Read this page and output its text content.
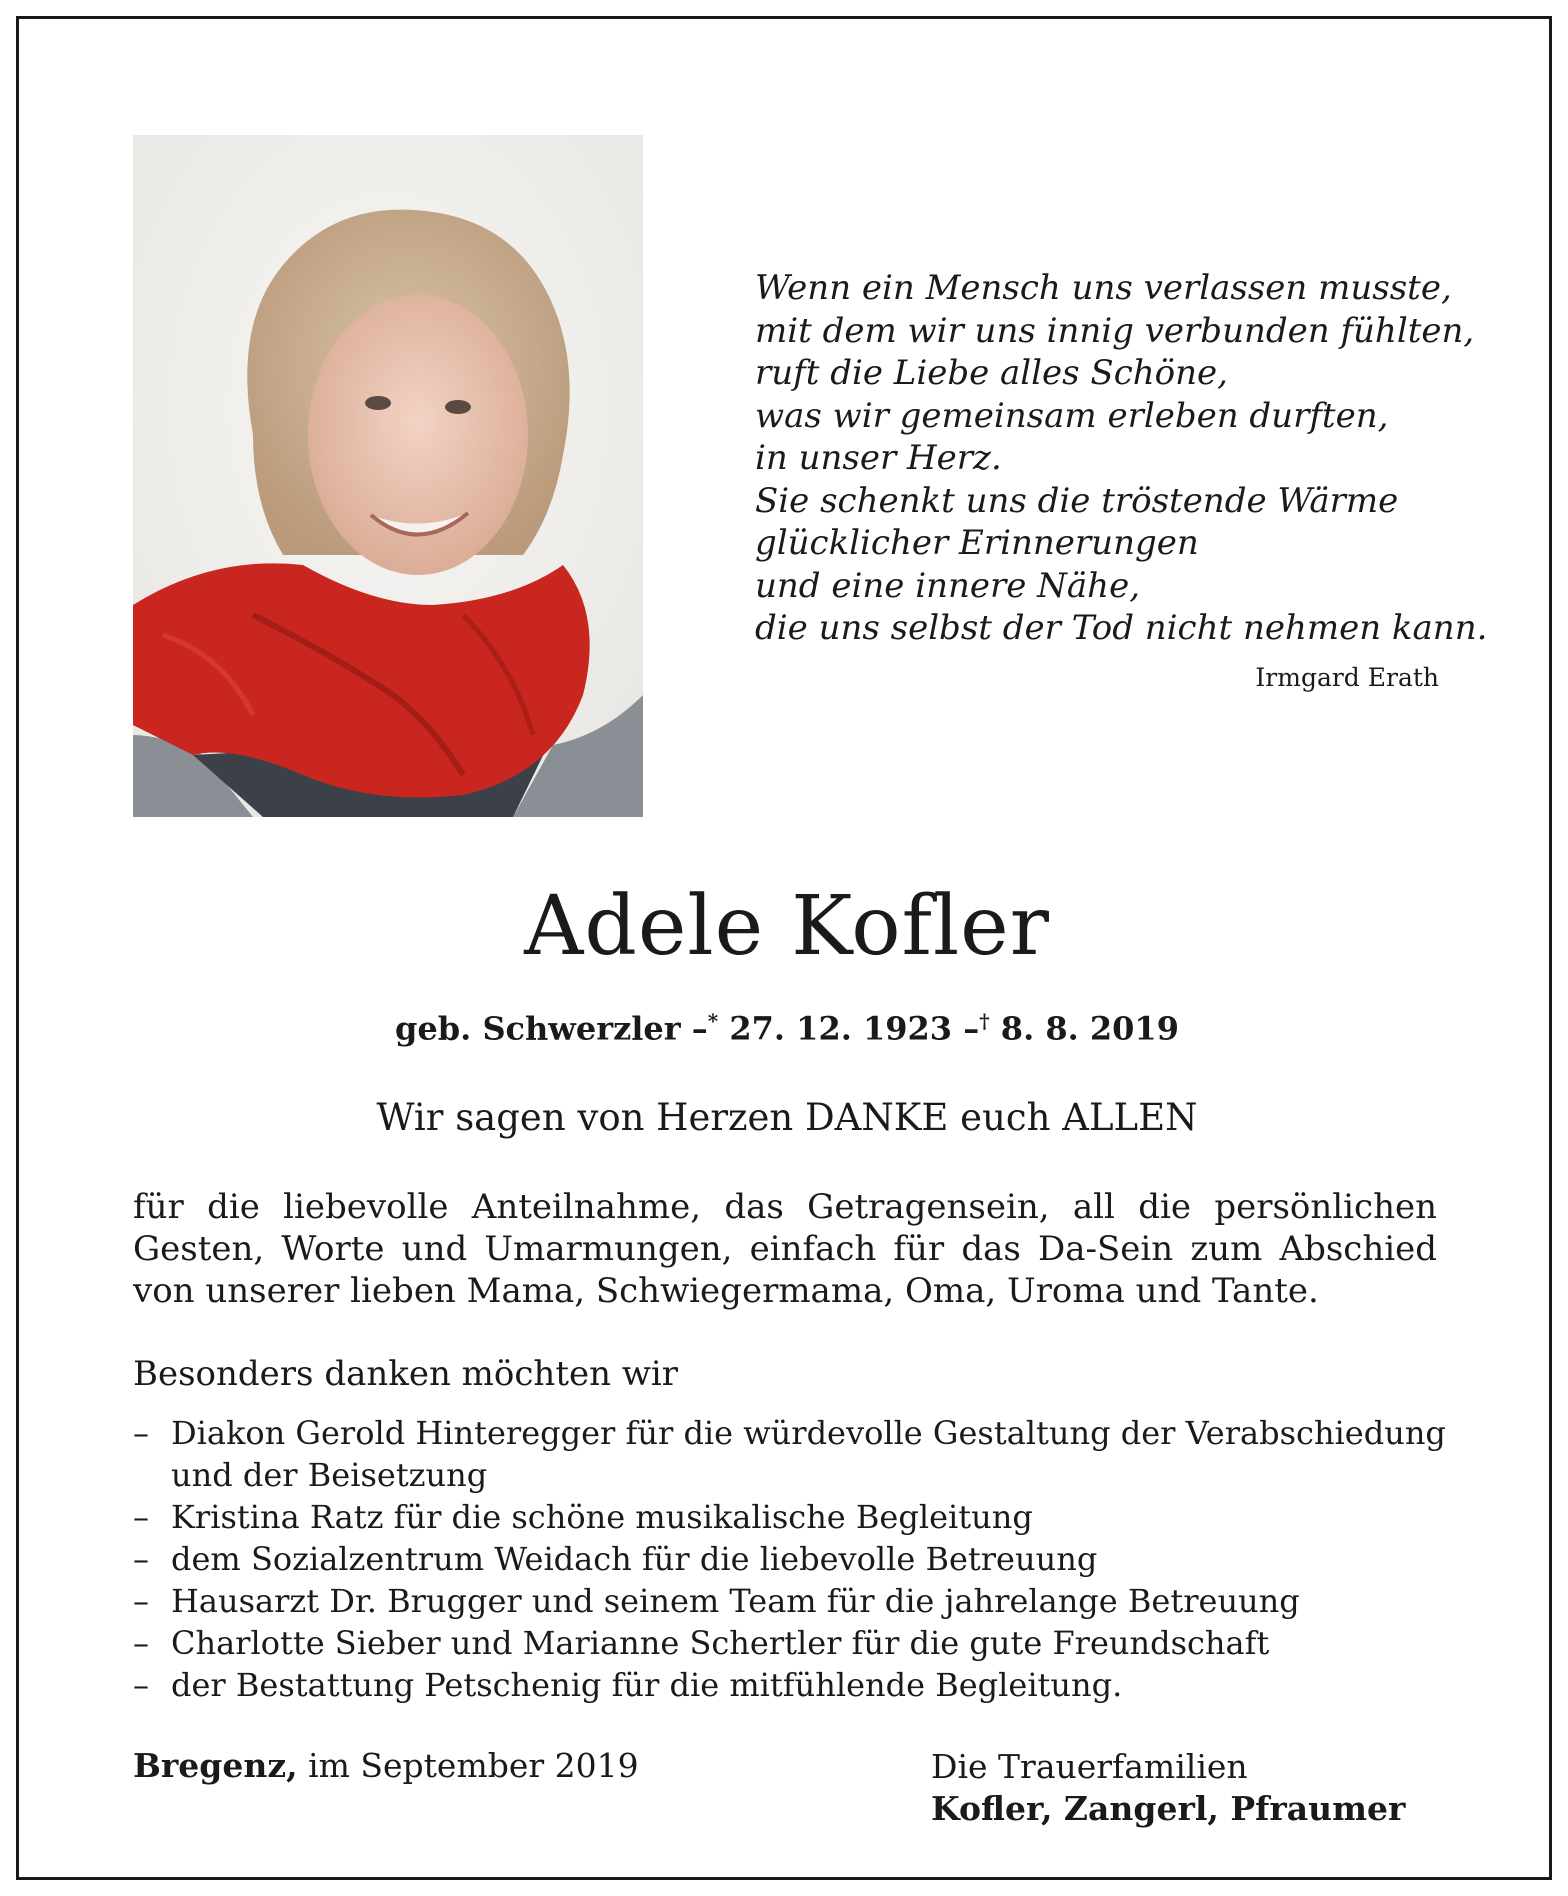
Wenn ein Mensch uns verlassen musste,
mit dem wir uns innig verbunden fühlten,
ruft die Liebe alles Schöne,
was wir gemeinsam erleben durften,
in unser Herz.
Sie schenkt uns die tröstende Wärme
glücklicher Erinnerungen
und eine innere Nähe,
die uns selbst der Tod nicht nehmen kann.
Irmgard Erath
Adele Kofler
geb. Schwerzler –* 27. 12. 1923 –† 8. 8. 2019
Wir sagen von Herzen DANKE euch ALLEN
für die liebevolle Anteilnahme, das Getragensein, all die persönlichen Gesten, Worte und Umarmungen, einfach für das Da-Sein zum Abschied von unserer lieben Mama, Schwiegermama, Oma, Uroma und Tante.
Besonders danken möchten wir
– Diakon Gerold Hinteregger für die würdevolle Gestaltung der Verabschiedung und der Beisetzung
– Kristina Ratz für die schöne musikalische Begleitung
– dem Sozialzentrum Weidach für die liebevolle Betreuung
– Hausarzt Dr. Brugger und seinem Team für die jahrelange Betreuung
– Charlotte Sieber und Marianne Schertler für die gute Freundschaft
– der Bestattung Petschenig für die mitfühlende Begleitung.
Bregenz, im September 2019	Die Trauerfamilien
Kofler, Zangerl, Pfraumer
